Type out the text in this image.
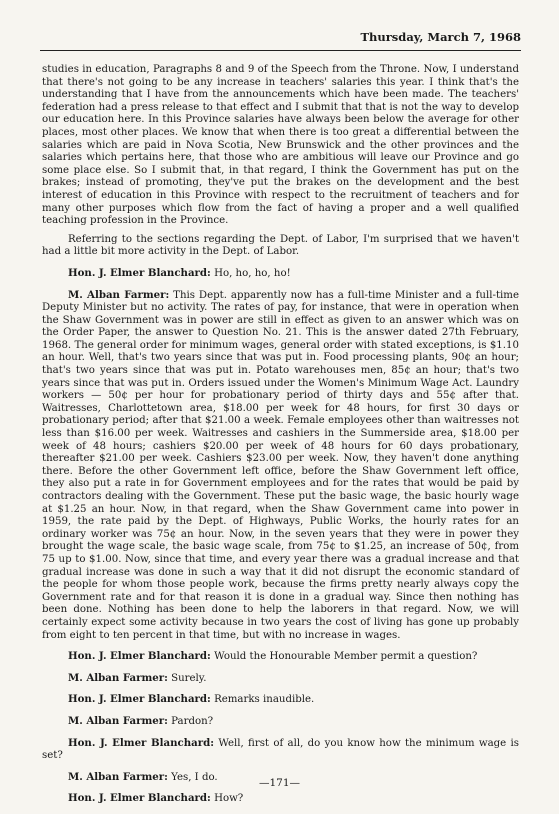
Thursday, March 7, 1968

studies in education, Paragraphs 8 and 9 of the Speech from the Throne. Now, I understand that there's not going to be any increase in teachers' salaries this year. I think that's the understanding that I have from the announcements which have been made. The teachers' federation had a press release to that effect and I submit that that is not the way to develop our education here. In this Province salaries have always been below the average for other places, most other places. We know that when there is too great a differential between the salaries which are paid in Nova Scotia, New Brunswick and the other provinces and the salaries which pertains here, that those who are ambitious will leave our Province and go some place else. So I submit that, in that regard, I think the Government has put on the brakes; instead of promoting, they've put the brakes on the development and the best interest of education in this Province with respect to the recruitment of teachers and for many other purposes which flow from the fact of having a proper and a well qualified teaching profession in the Province.

Referring to the sections regarding the Dept. of Labor, I'm surprised that we haven't had a little bit more activity in the Dept. of Labor.

Hon. J. Elmer Blanchard: Ho, ho, ho, ho!

M. Alban Farmer: This Dept. apparently now has a full-time Minister and a full-time Deputy Minister but no activity. The rates of pay, for instance, that were in operation when the Shaw Government was in power are still in effect as given to an answer which was on the Order Paper, the answer to Question No. 21. This is the answer dated 27th February, 1968. The general order for minimum wages, general order with stated exceptions, is $1.10 an hour. Well, that's two years since that was put in. Food processing plants, 90¢ an hour; that's two years since that was put in. Potato warehouses men, 85¢ an hour; that's two years since that was put in. Orders issued under the Women's Minimum Wage Act. Laundry workers — 50¢ per hour for probationary period of thirty days and 55¢ after that. Waitresses, Charlottetown area, $18.00 per week for 48 hours, for first 30 days or probationary period; after that $21.00 a week. Female employees other than waitresses not less than $16.00 per week. Waitresses and cashiers in the Summerside area, $18.00 per week of 48 hours; cashiers $20.00 per week of 48 hours for 60 days probationary, thereafter $21.00 per week. Cashiers $23.00 per week. Now, they haven't done anything there. Before the other Government left office, before the Shaw Government left office, they also put a rate in for Government employees and for the rates that would be paid by contractors dealing with the Government. These put the basic wage, the basic hourly wage at $1.25 an hour. Now, in that regard, when the Shaw Government came into power in 1959, the rate paid by the Dept. of Highways, Public Works, the hourly rates for an ordinary worker was 75¢ an hour. Now, in the seven years that they were in power they brought the wage scale, the basic wage scale, from 75¢ to $1.25, an increase of 50¢, from 75 up to $1.00. Now, since that time, and every year there was a gradual increase and that gradual increase was done in such a way that it did not disrupt the economic standard of the people for whom those people work, because the firms pretty nearly always copy the Government rate and for that reason it is done in a gradual way. Since then nothing has been done. Nothing has been done to help the laborers in that regard. Now, we will certainly expect some activity because in two years the cost of living has gone up probably from eight to ten percent in that time, but with no increase in wages.

Hon. J. Elmer Blanchard: Would the Honourable Member permit a question?

M. Alban Farmer: Surely.

Hon. J. Elmer Blanchard: Remarks inaudible.

M. Alban Farmer: Pardon?

Hon. J. Elmer Blanchard: Well, first of all, do you know how the minimum wage is set?

M. Alban Farmer: Yes, I do.

Hon. J. Elmer Blanchard: How?

—171—
